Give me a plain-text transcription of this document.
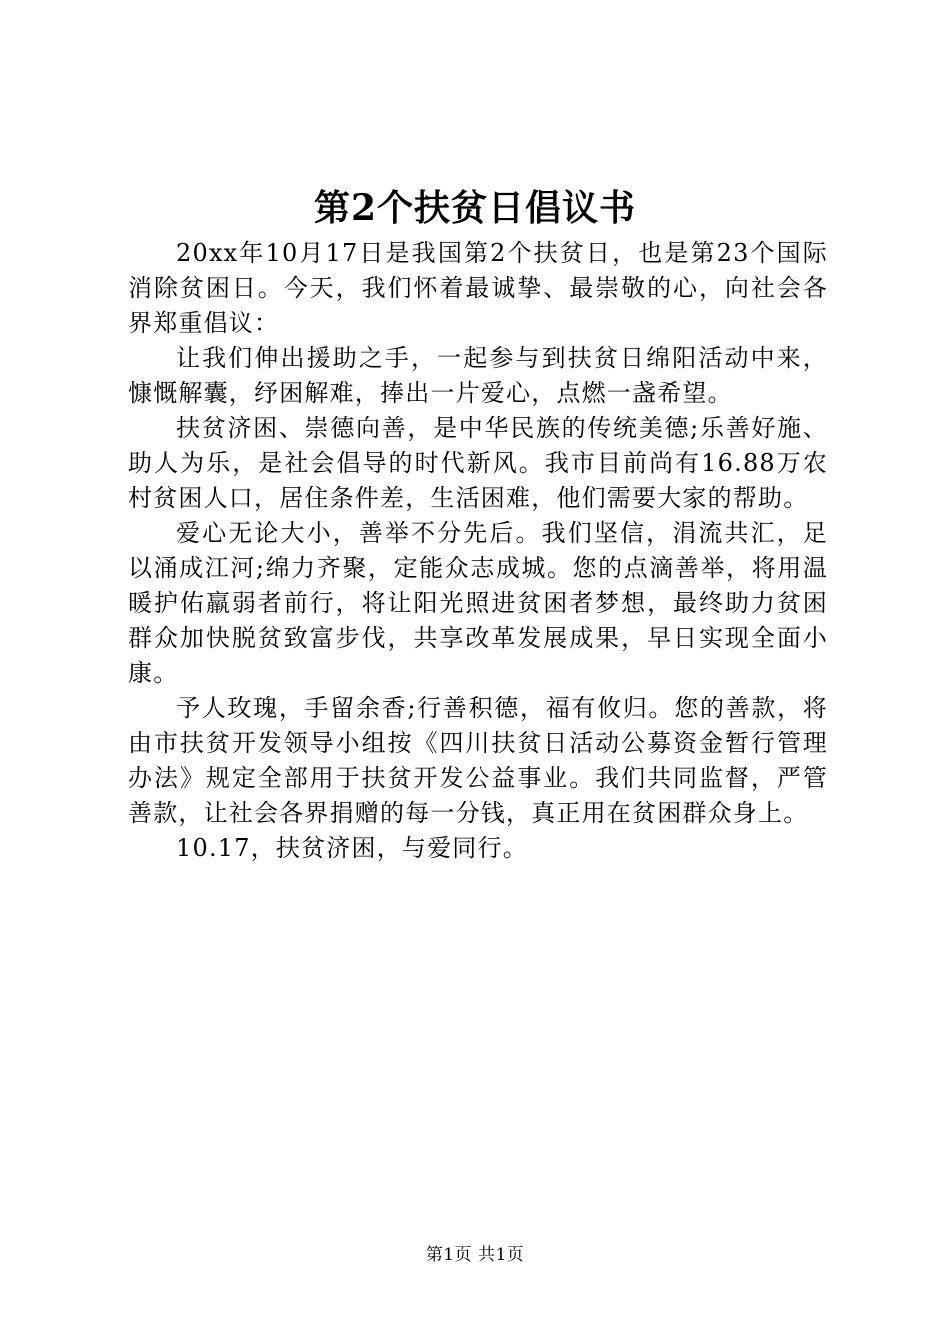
第2个扶贫日倡议书

20xx年10月17日是我国第2个扶贫日，也是第23个国际消除贫困日。今天，我们怀着最诚挚、最崇敬的心，向社会各界郑重倡议：

让我们伸出援助之手，一起参与到扶贫日绵阳活动中来，慷慨解囊，纾困解难，捧出一片爱心，点燃一盏希望。

扶贫济困、崇德向善，是中华民族的传统美德;乐善好施、助人为乐，是社会倡导的时代新风。我市目前尚有16.88万农村贫困人口，居住条件差，生活困难，他们需要大家的帮助。

爱心无论大小，善举不分先后。我们坚信，涓流共汇，足以涌成江河;绵力齐聚，定能众志成城。您的点滴善举，将用温暖护佑羸弱者前行，将让阳光照进贫困者梦想，最终助力贫困群众加快脱贫致富步伐，共享改革发展成果，早日实现全面小康。

予人玫瑰，手留余香;行善积德，福有攸归。您的善款，将由市扶贫开发领导小组按《四川扶贫日活动公募资金暂行管理办法》规定全部用于扶贫开发公益事业。我们共同监督，严管善款，让社会各界捐赠的每一分钱，真正用在贫困群众身上。

10.17，扶贫济困，与爱同行。

第1页 共1页
